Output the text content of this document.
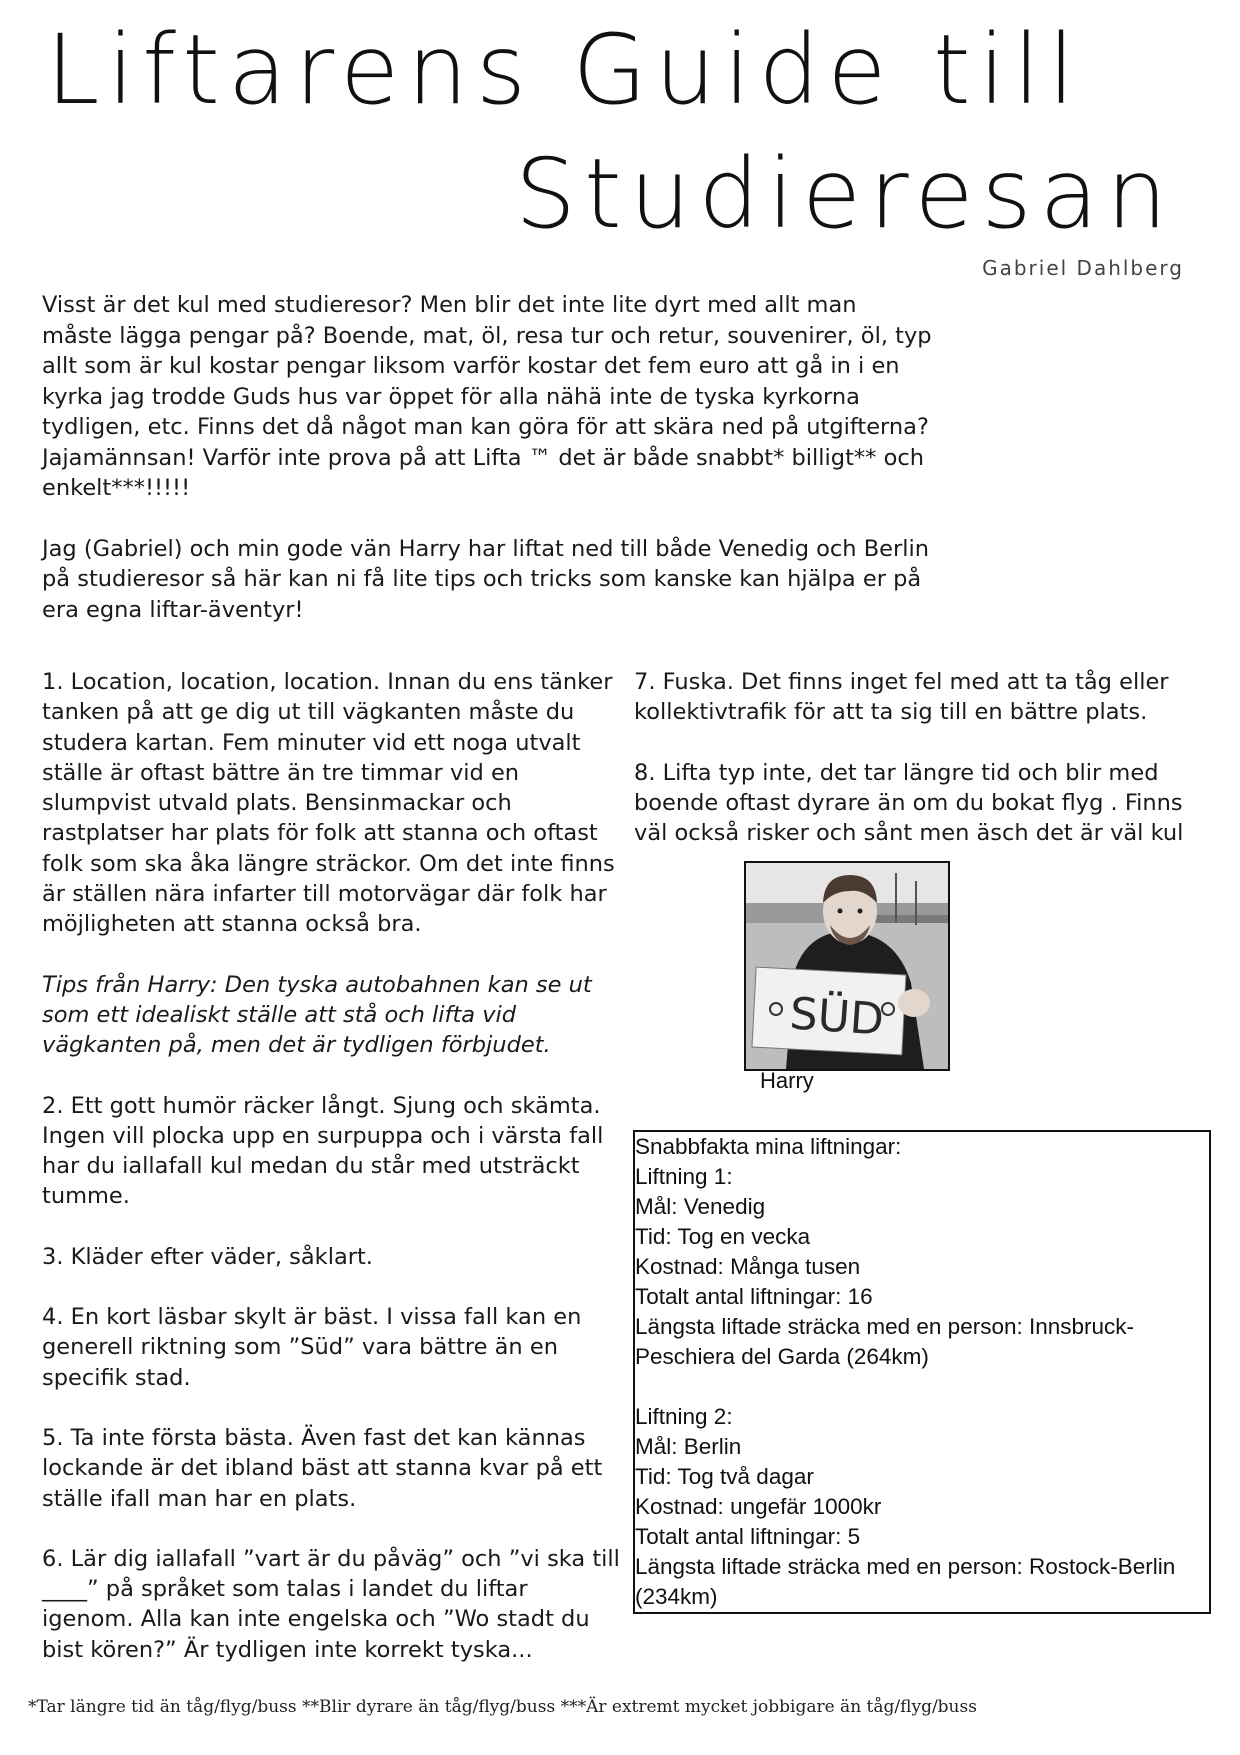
Liftarens Guide till
Studieresan
Gabriel Dahlberg

Visst är det kul med studieresor? Men blir det inte lite dyrt med allt man måste lägga pengar på? Boende, mat, öl, resa tur och retur, souvenirer, öl, typ allt som är kul kostar pengar liksom varför kostar det fem euro att gå in i en kyrka jag trodde Guds hus var öppet för alla nähä inte de tyska kyrkorna tydligen, etc. Finns det då något man kan göra för att skära ned på utgifterna? Jajamännsan! Varför inte prova på att Lifta ™ det är både snabbt* billigt** och enkelt***!!!!!

Jag (Gabriel) och min gode vän Harry har liftat ned till både Venedig och Berlin på studieresor så här kan ni få lite tips och tricks som kanske kan hjälpa er på era egna liftar-äventyr!

1. Location, location, location. Innan du ens tänker tanken på att ge dig ut till vägkanten måste du studera kartan. Fem minuter vid ett noga utvalt ställe är oftast bättre än tre timmar vid en slumpvist utvald plats. Bensinmackar och rastplatser har plats för folk att stanna och oftast folk som ska åka längre sträckor. Om det inte finns är ställen nära infarter till motorvägar där folk har möjligheten att stanna också bra.

Tips från Harry: Den tyska autobahnen kan se ut som ett idealiskt ställe att stå och lifta vid vägkanten på, men det är tydligen förbjudet.

2. Ett gott humör räcker långt. Sjung och skämta. Ingen vill plocka upp en surpuppa och i värsta fall har du iallafall kul medan du står med utsträckt tumme.

3. Kläder efter väder, såklart.

4. En kort läsbar skylt är bäst. I vissa fall kan en generell riktning som ”Süd” vara bättre än en specifik stad.

5. Ta inte första bästa. Även fast det kan kännas lockande är det ibland bäst att stanna kvar på ett ställe ifall man har en plats.

6. Lär dig iallafall ”vart är du påväg” och ”vi ska till ____” på språket som talas i landet du liftar igenom. Alla kan inte engelska och ”Wo stadt du bist kören?” Är tydligen inte korrekt tyska...

7. Fuska. Det finns inget fel med att ta tåg eller kollektivtrafik för att ta sig till en bättre plats.

8. Lifta typ inte, det tar längre tid och blir med boende oftast dyrare än om du bokat flyg . Finns väl också risker och sånt men äsch det är väl kul

SÜD
Harry
Snabbfakta mina liftningar:
Liftning 1:
Mål: Venedig
Tid: Tog en vecka
Kostnad: Många tusen
Totalt antal liftningar: 16
Längsta liftade sträcka med en person: Innsbruck-Peschiera del Garda (264km)
Liftning 2:
Mål: Berlin
Tid: Tog två dagar
Kostnad: ungefär 1000kr
Totalt antal liftningar: 5
Längsta liftade sträcka med en person: Rostock-Berlin (234km)
*Tar längre tid än tåg/flyg/buss **Blir dyrare än tåg/flyg/buss ***Är extremt mycket jobbigare än tåg/flyg/buss
